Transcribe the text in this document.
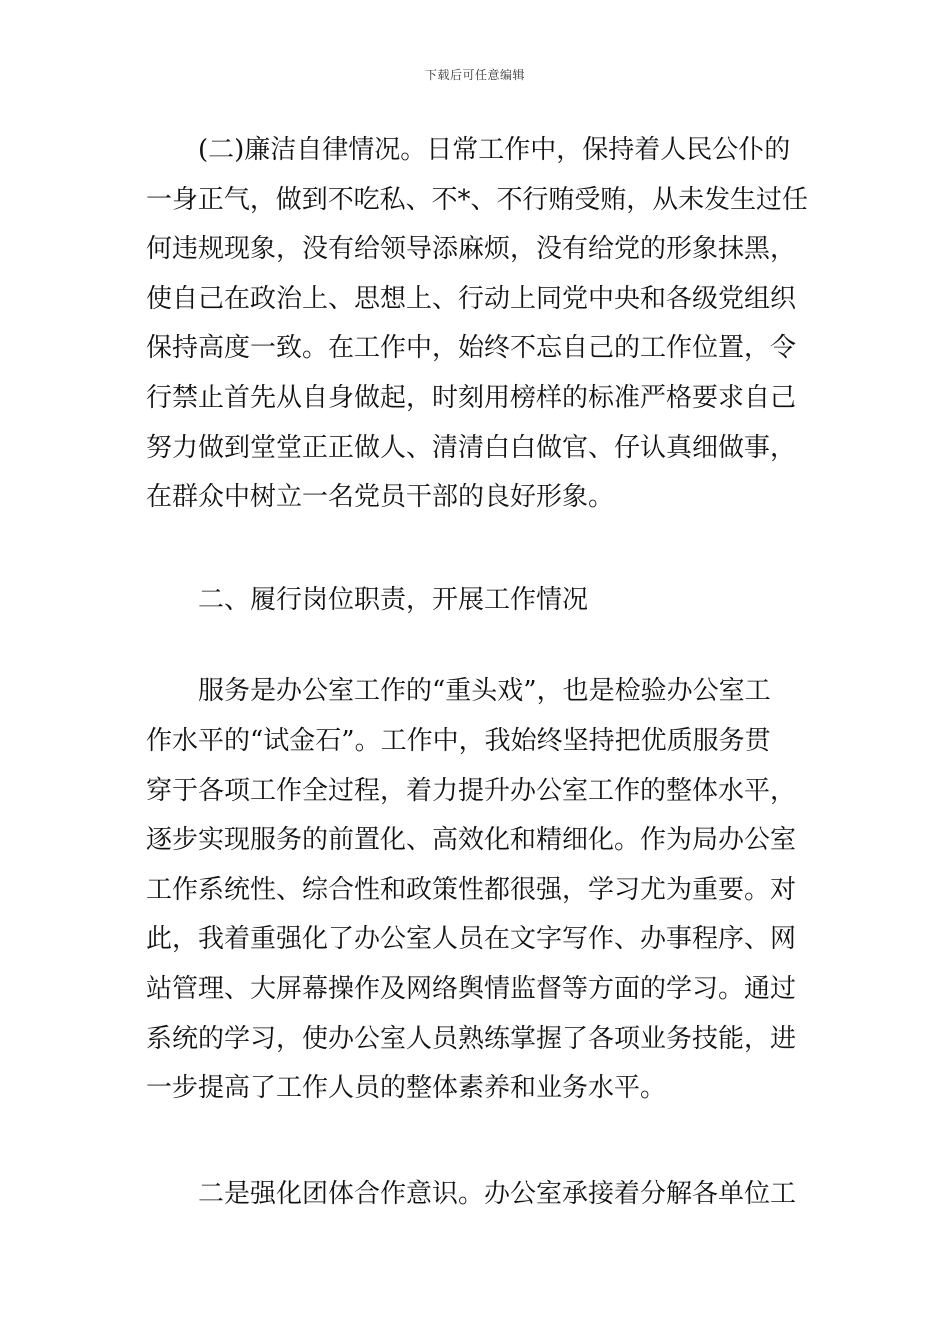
下载后可任意编辑
(二)廉洁自律情况。日常工作中，保持着人民公仆的
一身正气，做到不吃私、不*、不行贿受贿，从未发生过任
何违规现象，没有给领导添麻烦，没有给党的形象抹黑，
使自己在政治上、思想上、行动上同党中央和各级党组织
保持高度一致。在工作中，始终不忘自己的工作位置，令
行禁止首先从自身做起，时刻用榜样的标准严格要求自己
努力做到堂堂正正做人、清清白白做官、仔认真细做事，
在群众中树立一名党员干部的良好形象。
二、履行岗位职责，开展工作情况
服务是办公室工作的“重头戏”，也是检验办公室工
作水平的“试金石”。工作中，我始终坚持把优质服务贯
穿于各项工作全过程，着力提升办公室工作的整体水平，
逐步实现服务的前置化、高效化和精细化。作为局办公室
工作系统性、综合性和政策性都很强，学习尤为重要。对
此，我着重强化了办公室人员在文字写作、办事程序、网
站管理、大屏幕操作及网络舆情监督等方面的学习。通过
系统的学习，使办公室人员熟练掌握了各项业务技能，进
一步提高了工作人员的整体素养和业务水平。
二是强化团体合作意识。办公室承接着分解各单位工
